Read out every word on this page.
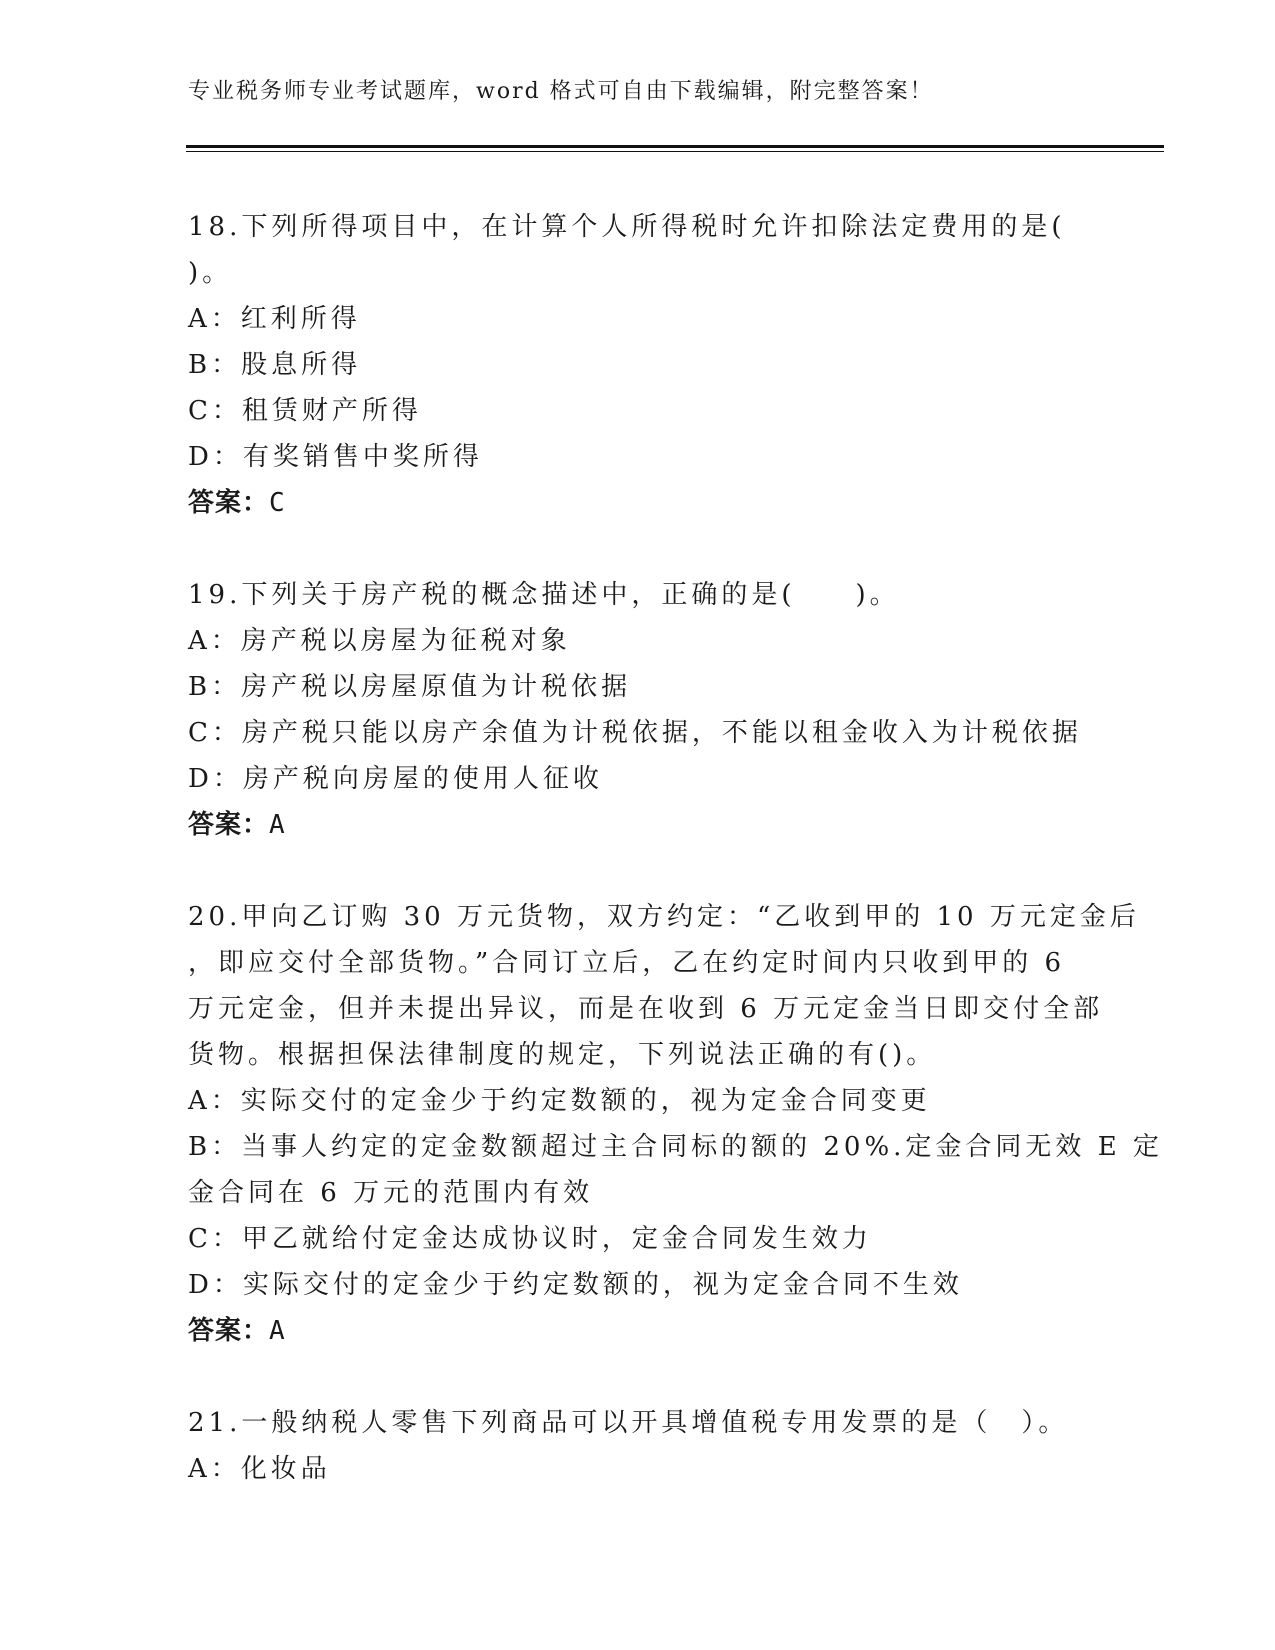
专业税务师专业考试题库，word 格式可自由下载编辑，附完整答案！
18.下列所得项目中，在计算个人所得税时允许扣除法定费用的是(
)。
A：红利所得
B：股息所得
C：租赁财产所得
D：有奖销售中奖所得
答案：C
19.下列关于房产税的概念描述中，正确的是(　　)。
A：房产税以房屋为征税对象
B：房产税以房屋原值为计税依据
C：房产税只能以房产余值为计税依据，不能以租金收入为计税依据
D：房产税向房屋的使用人征收
答案：A
20.甲向乙订购 30 万元货物，双方约定：“乙收到甲的 10 万元定金后
，即应交付全部货物。”合同订立后，乙在约定时间内只收到甲的 6
万元定金，但并未提出异议，而是在收到 6 万元定金当日即交付全部
货物。根据担保法律制度的规定，下列说法正确的有()。
A：实际交付的定金少于约定数额的，视为定金合同变更
B：当事人约定的定金数额超过主合同标的额的 20%.定金合同无效 E 定
金合同在 6 万元的范围内有效
C：甲乙就给付定金达成协议时，定金合同发生效力
D：实际交付的定金少于约定数额的，视为定金合同不生效
答案：A
21.一般纳税人零售下列商品可以开具增值税专用发票的是（　）。
A：化妆品
